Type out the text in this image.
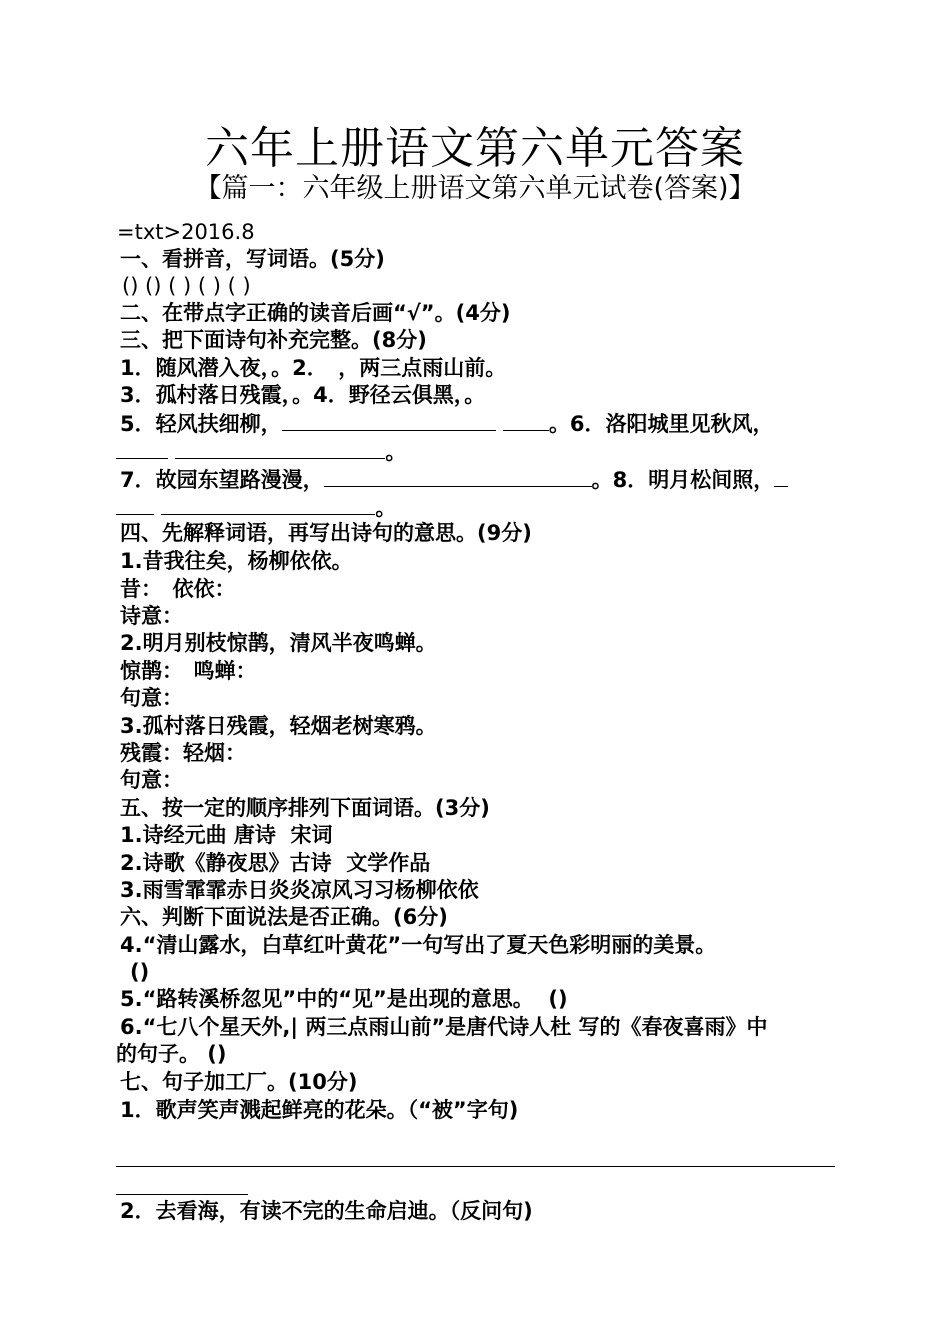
六年上册语文第六单元答案
【篇一：六年级上册语文第六单元试卷(答案)】
=txt>2016.8
一、看拼音，写词语。(5分)
() () ( ) ( ) ( )
二、在带点字正确的读音后画“√”。(4分)
三、把下面诗句补充完整。(8分)
1．随风潜入夜，。2．　，两三点雨山前。
3．孤村落日残霞，。4．野径云俱黑，。
5．轻风扶细柳，	。6．洛阳城里见秋风，
。
7．故园东望路漫漫，	。8．明月松间照，
。
四、先解释词语，再写出诗句的意思。(9分)
1.昔我往矣，杨柳依依。
昔：　依依：
诗意：
2.明月别枝惊鹊，清风半夜鸣蝉。
惊鹊：　鸣蝉：
句意：
3.孤村落日残霞，轻烟老树寒鸦。
残霞：轻烟：
句意：
五、按一定的顺序排列下面词语。(3分)
1.诗经元曲 唐诗  宋词
2.诗歌《静夜思》古诗  文学作品
3.雨雪霏霏赤日炎炎凉风习习杨柳依依
六、判断下面说法是否正确。(6分)
4.“清山露水，白草红叶黄花”一句写出了夏天色彩明丽的美景。
()
5.“路转溪桥忽见”中的“见”是出现的意思。  ()
6.“七八个星天外,| 两三点雨山前”是唐代诗人杜 写的《春夜喜雨》中
的句子。 ()
七、句子加工厂。(10分)
1．歌声笑声溅起鲜亮的花朵。（“被”字句)
2．去看海，有读不完的生命启迪。（反问句)
